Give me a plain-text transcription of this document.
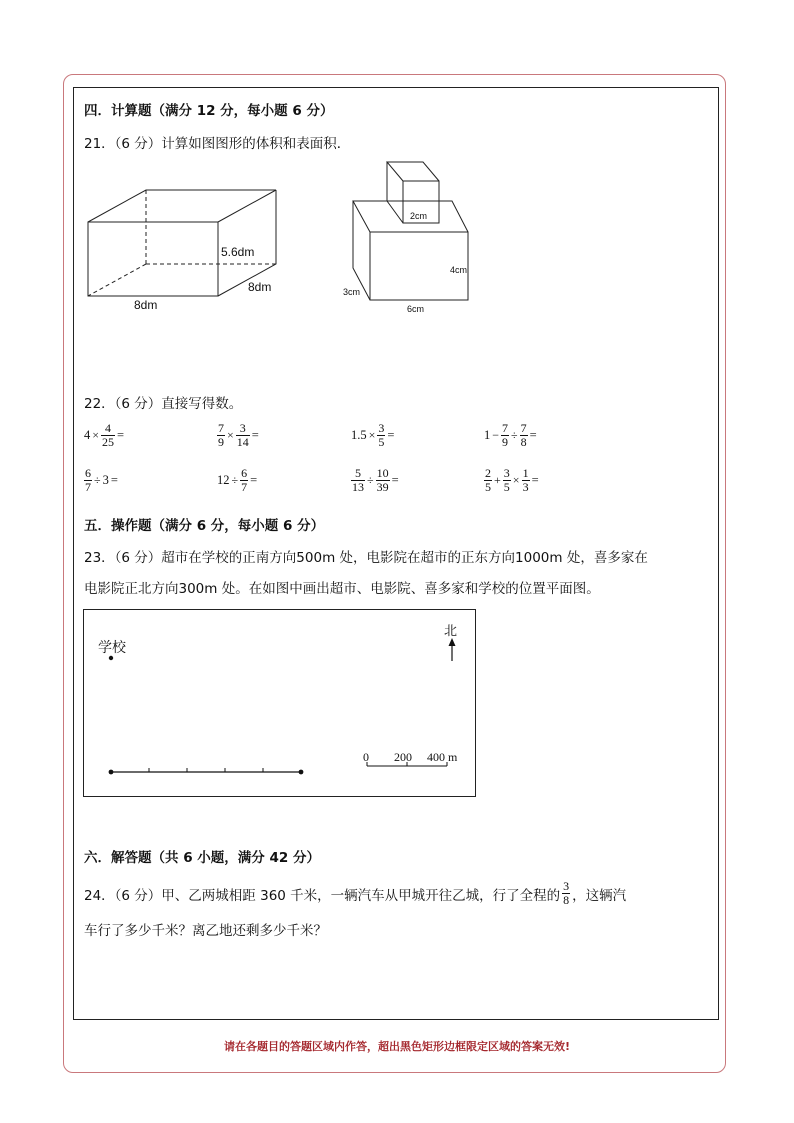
四．计算题（满分 12 分，每小题 6 分）
21．（6 分）计算如图图形的体积和表面积．
5.6dm
8dm
8dm
2cm
4cm
3cm
6cm
22．（6 分）直接写得数。
$4 \times \frac{4}{25}$ =	$\frac{7}{9} \times \frac{3}{14}$ =	$1.5 \times \frac{3}{5}$ =	$1 - \frac{7}{9} \div \frac{7}{8}$ =
$\frac{6}{7} \div 3$ =	$12 \div \frac{6}{7}$ =	$\frac{5}{13} \div \frac{10}{39}$ =	$\frac{2}{5} + \frac{3}{5} \times \frac{1}{3}$ =
五．操作题（满分 6 分，每小题 6 分）
23．（6 分）超市在学校的正南方向500m 处，电影院在超市的正东方向1000m 处，喜多家在
电影院正北方向300m 处。在如图中画出超市、电影院、喜多家和学校的位置平面图。
学校
北
0 200 400 m
六．解答题（共 6 小题，满分 42 分）
24．（6 分）甲、乙两城相距 360 千米，一辆汽车从甲城开往乙城，行了全程的 $\frac{3}{8}$ ，这辆汽
车行了多少千米？离乙地还剩多少千米？
请在各题目的答题区域内作答，超出黑色矩形边框限定区域的答案无效!
